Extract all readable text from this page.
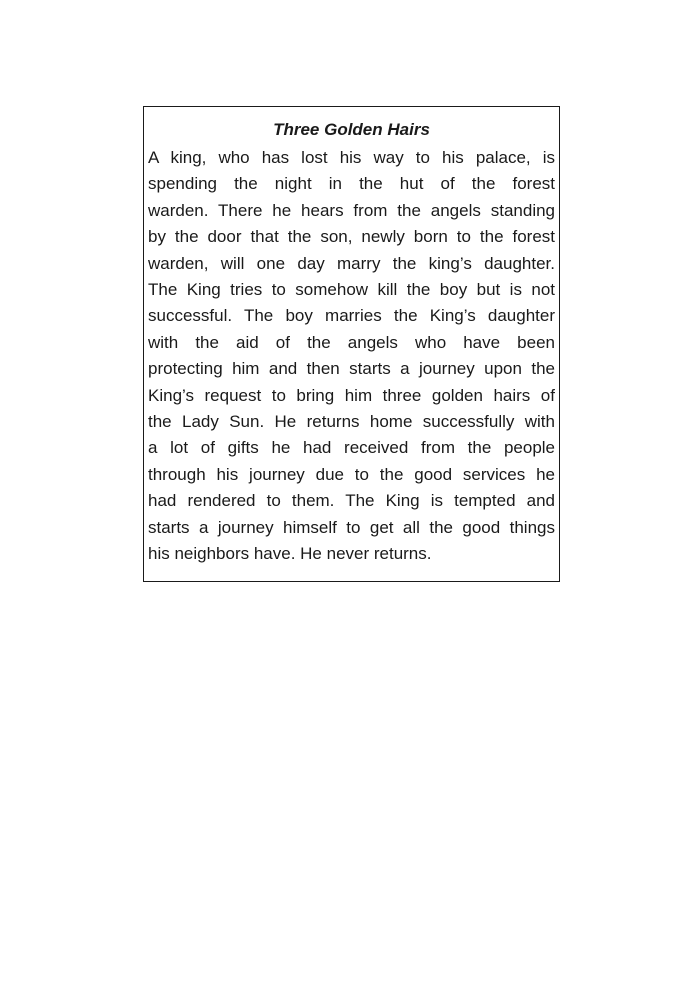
Three Golden Hairs
A king, who has lost his way to his palace, is
spending the night in the hut of the forest
warden. There he hears from the angels standing
by the door that the son, newly born to the forest
warden, will one day marry the king’s daughter.
The King tries to somehow kill the boy but is not
successful. The boy marries the King’s daughter
with the aid of the angels who have been
protecting him and then starts a journey upon the
King’s request to bring him three golden hairs of
the Lady Sun. He returns home successfully with
a lot of gifts he had received from the people
through his journey due to the good services he
had rendered to them. The King is tempted and
starts a journey himself to get all the good things
his neighbors have. He never returns.
